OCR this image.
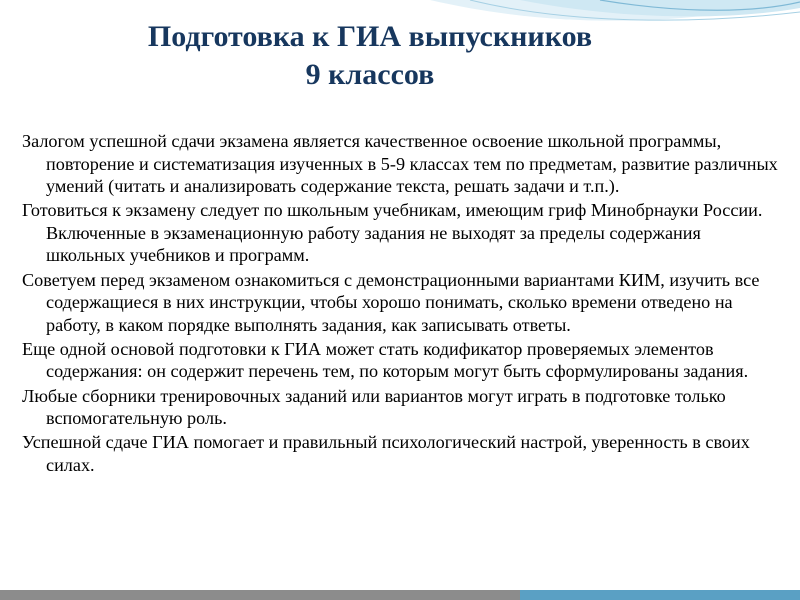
Подготовка к ГИА выпускников
9 классов

Залогом успешной сдачи экзамена является качественное освоение школьной программы, повторение и систематизация изученных в 5-9 классах тем по предметам, развитие различных умений (читать и анализировать содержание текста, решать задачи и т.п.).

Готовиться к экзамену следует по школьным учебникам, имеющим гриф Минобрнауки России. Включенные в экзаменационную работу задания не выходят за пределы содержания школьных учебников и программ.

Советуем перед экзаменом ознакомиться с демонстрационными вариантами КИМ, изучить все содержащиеся в них инструкции, чтобы хорошо понимать, сколько времени отведено на работу, в каком порядке выполнять задания, как записывать ответы.

Еще одной основой подготовки к ГИА может стать кодификатор проверяемых элементов содержания: он содержит перечень тем, по которым могут быть сформулированы задания.

Любые сборники тренировочных заданий или вариантов могут играть в подготовке только вспомогательную роль.

Успешной сдаче ГИА помогает и правильный психологический настрой, уверенность в своих силах.
